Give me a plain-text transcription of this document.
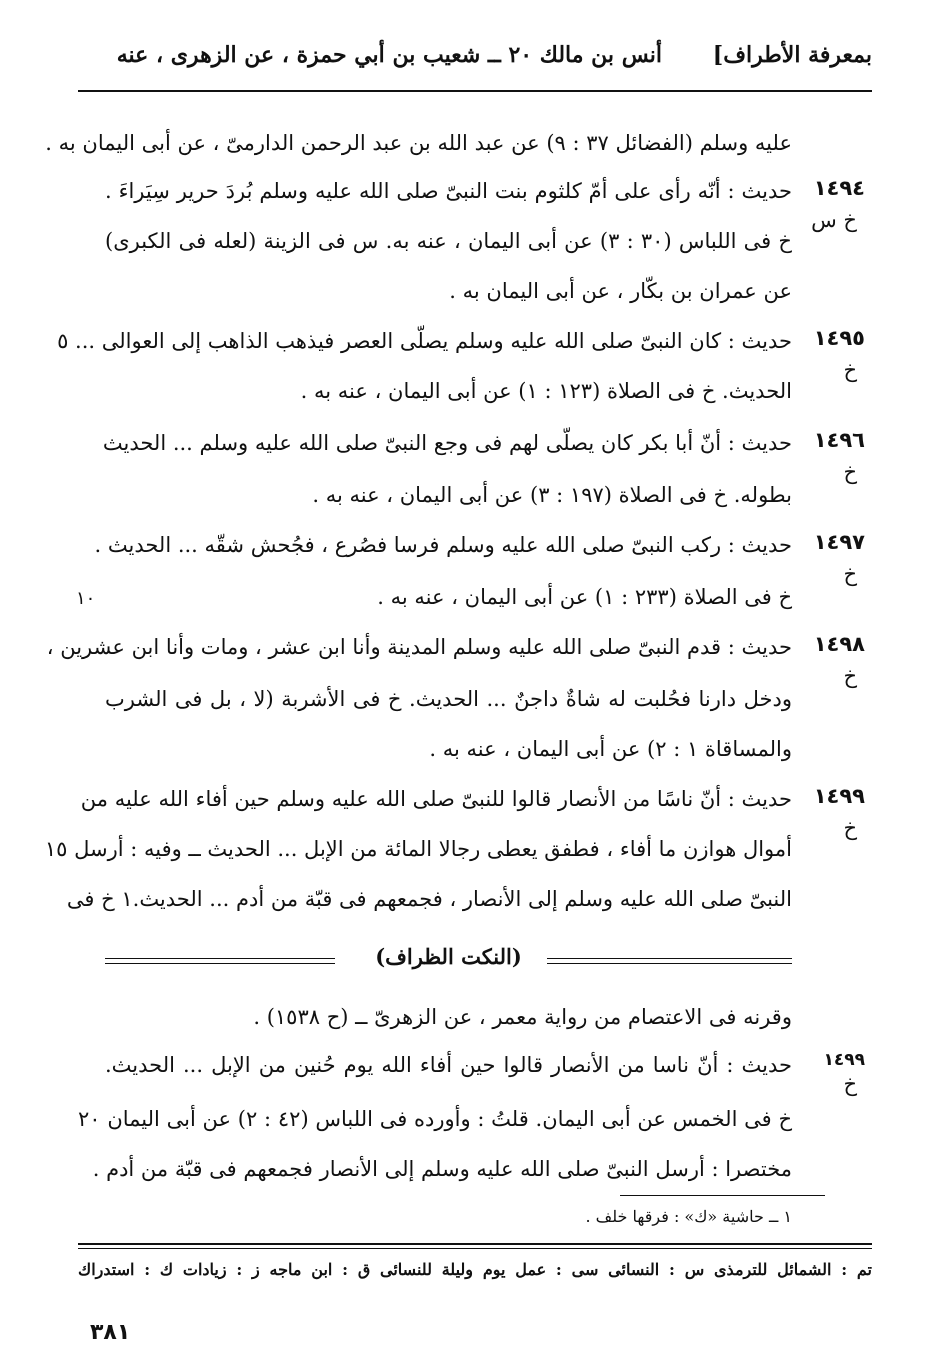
بمعرفة الأطراف]
أنس بن مالك ٢٠ ــ شعيب بن أبي حمزة ، عن الزهرى ، عنه
عليه وسلم (الفضائل ٣٧ : ٩) عن عبد الله بن عبد الرحمن الدارمىّ ، عن أبى اليمان به .
١٤٩٤
خ س
حديث : أنّه رأى على أمّ كلثوم بنت النبىّ صلى الله عليه وسلم بُردَ حرير سِيَراءَ .
خ فى اللباس (٣٠ : ٣) عن أبى اليمان ، عنه به. س فى الزينة (لعله فى الكبرى)
عن عمران بن بكّار ، عن أبى اليمان به .
١٤٩٥
خ
حديث : كان النبىّ صلى الله عليه وسلم يصلّى العصر فيذهب الذاهب إلى العوالى ... ٥
الحديث. خ فى الصلاة (١٢٣ : ١) عن أبى اليمان ، عنه به .
١٤٩٦
خ
حديث : أنّ أبا بكر كان يصلّى لهم فى وجع النبىّ صلى الله عليه وسلم ... الحديث
بطوله. خ فى الصلاة (١٩٧ : ٣) عن أبى اليمان ، عنه به .
١٤٩٧
خ
حديث : ركب النبىّ صلى الله عليه وسلم فرسا فصُرع ، فجُحش شقّه ... الحديث .
خ فى الصلاة (٢٣٣ : ١) عن أبى اليمان ، عنه به .
١٠
١٤٩٨
خ
حديث : قدم النبىّ صلى الله عليه وسلم المدينة وأنا ابن عشر ، ومات وأنا ابن عشرين ،
ودخل دارنا فحُلبت له شاةٌ داجنٌ ... الحديث. خ فى الأشربة (لا ، بل فى الشرب
والمساقاة ١ : ٢) عن أبى اليمان ، عنه به .
١٤٩٩
خ
حديث : أنّ ناسًا من الأنصار قالوا للنبىّ صلى الله عليه وسلم حين أفاء الله عليه من
أموال هوازن ما أفاء ، فطفق يعطى رجالا المائة من الإبل ... الحديث ــ وفيه : أرسل ١٥
النبىّ صلى الله عليه وسلم إلى الأنصار ، فجمعهم فى قبّة من أدم ... الحديث.١ خ فى
(النكت الظراف)
وقرنه فى الاعتصام من رواية معمر ، عن الزهرىّ ــ (ح ١٥٣٨) .
١٤٩٩
خ
حديث : أنّ ناسا من الأنصار قالوا حين أفاء الله يوم حُنين من الإبل ... الحديث.
خ فى الخمس عن أبى اليمان. قلتُ : وأورده فى اللباس (٤٢ : ٢) عن أبى اليمان ٢٠
مختصرا : أرسل النبىّ صلى الله عليه وسلم إلى الأنصار فجمعهم فى قبّة من أدم .
١ ــ حاشية «ك» : فرقها خلف .
تم : الشمائل للترمذى س : النسائى سى : عمل يوم وليلة للنسائى ق : ابن ماجه ز : زيادات ك : استدراك
٣٨١
